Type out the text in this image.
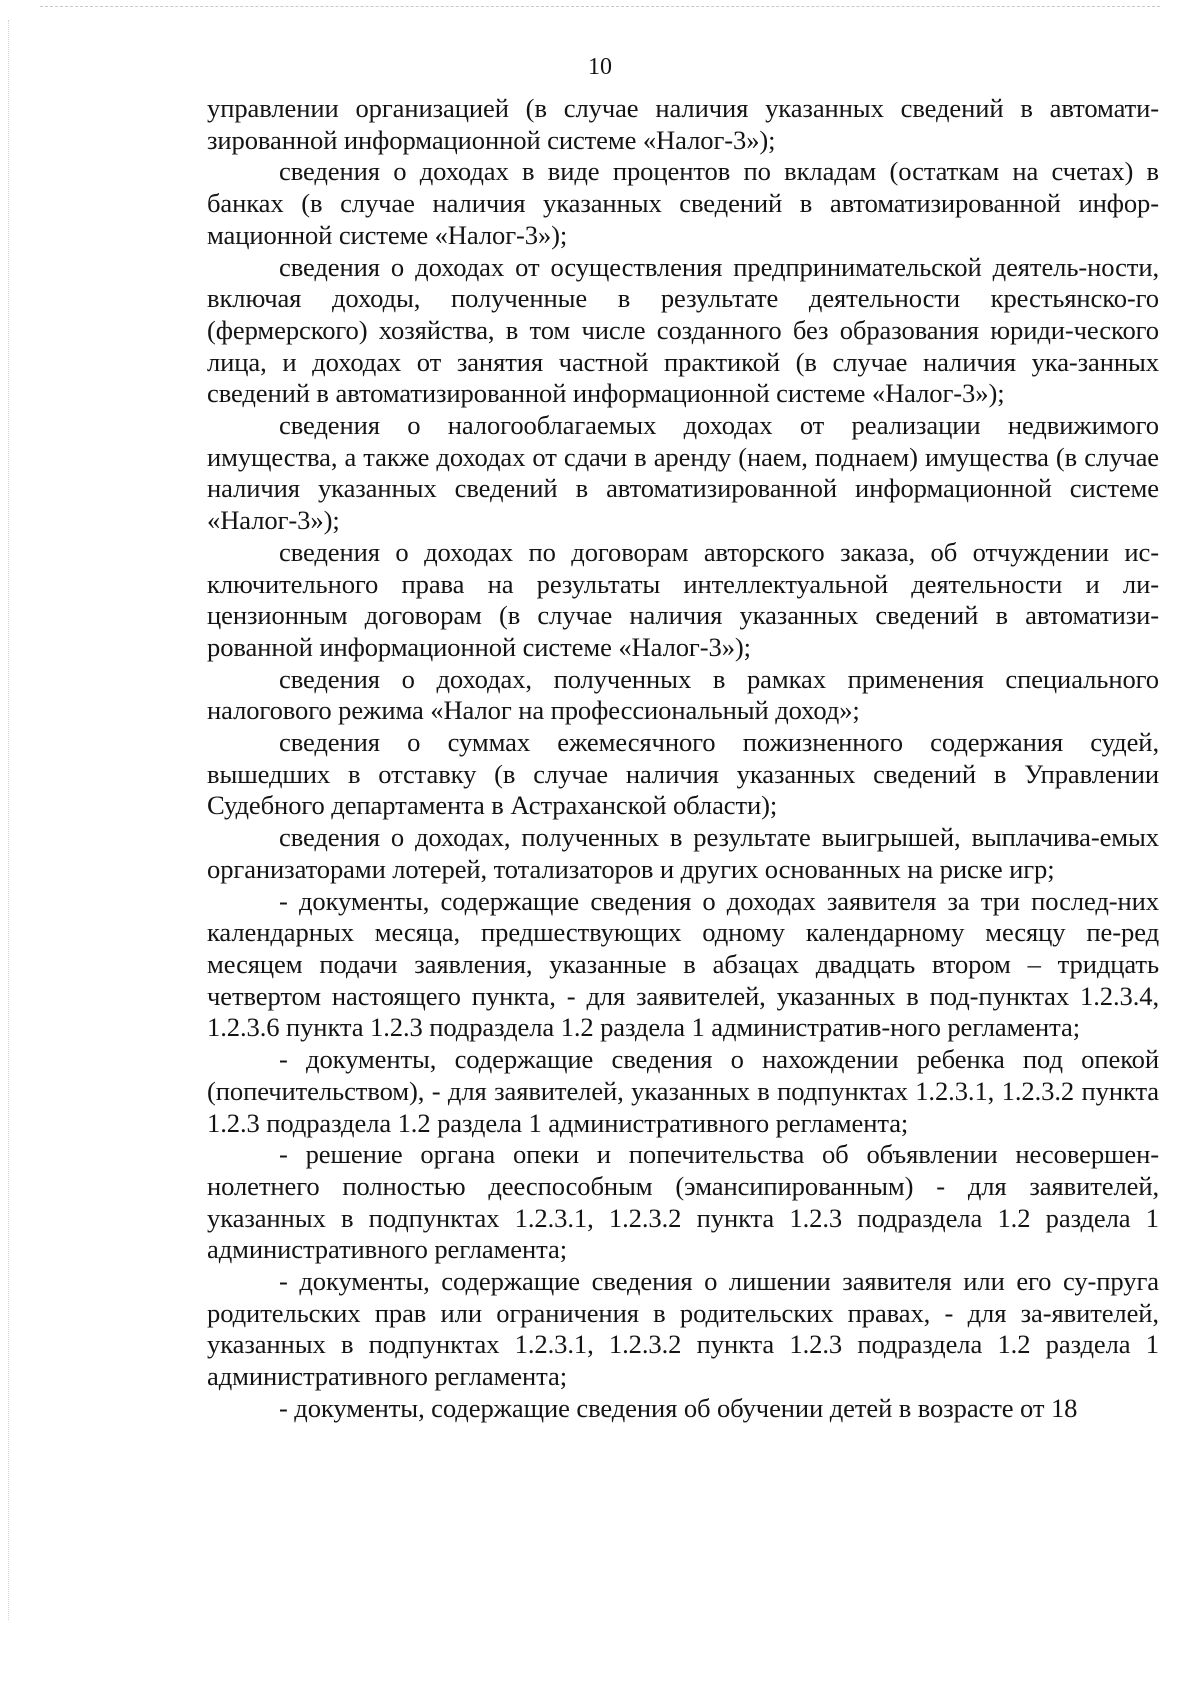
10

управлении организацией (в случае наличия указанных сведений в автомати-зированной информационной системе «Налог-3»);

сведения о доходах в виде процентов по вкладам (остаткам на счетах) в банках (в случае наличия указанных сведений в автоматизированной инфор-мационной системе «Налог-3»);

сведения о доходах от осуществления предпринимательской деятель-ности, включая доходы, полученные в результате деятельности крестьянско-го (фермерского) хозяйства, в том числе созданного без образования юриди-ческого лица, и доходах от занятия частной практикой (в случае наличия ука-занных сведений в автоматизированной информационной системе «Налог-3»);

сведения о налогооблагаемых доходах от реализации недвижимого имущества, а также доходах от сдачи в аренду (наем, поднаем) имущества (в случае наличия указанных сведений в автоматизированной информационной системе «Налог-3»);

сведения о доходах по договорам авторского заказа, об отчуждении ис-ключительного права на результаты интеллектуальной деятельности и ли-цензионным договорам (в случае наличия указанных сведений в автоматизи-рованной информационной системе «Налог-3»);

сведения о доходах, полученных в рамках применения специального налогового режима «Налог на профессиональный доход»;

сведения о суммах ежемесячного пожизненного содержания судей, вышедших в отставку (в случае наличия указанных сведений в Управлении Судебного департамента в Астраханской области);

сведения о доходах, полученных в результате выигрышей, выплачива-емых организаторами лотерей, тотализаторов и других основанных на риске игр;

- документы, содержащие сведения о доходах заявителя за три послед-них календарных месяца, предшествующих одному календарному месяцу пе-ред месяцем подачи заявления, указанные в абзацах двадцать втором – тридцать четвертом настоящего пункта, - для заявителей, указанных в под-пунктах 1.2.3.4, 1.2.3.6 пункта 1.2.3 подраздела 1.2 раздела 1 административ-ного регламента;

- документы, содержащие сведения о нахождении ребенка под опекой (попечительством), - для заявителей, указанных в подпунктах 1.2.3.1, 1.2.3.2 пункта 1.2.3 подраздела 1.2 раздела 1 административного регламента;

- решение органа опеки и попечительства об объявлении несовершен-нолетнего полностью дееспособным (эмансипированным) - для заявителей, указанных в подпунктах 1.2.3.1, 1.2.3.2 пункта 1.2.3 подраздела 1.2 раздела 1 административного регламента;

- документы, содержащие сведения о лишении заявителя или его су-пруга родительских прав или ограничения в родительских правах, - для за-явителей, указанных в подпунктах 1.2.3.1, 1.2.3.2 пункта 1.2.3 подраздела 1.2 раздела 1 административного регламента;

- документы, содержащие сведения об обучении детей в возрасте от 18
